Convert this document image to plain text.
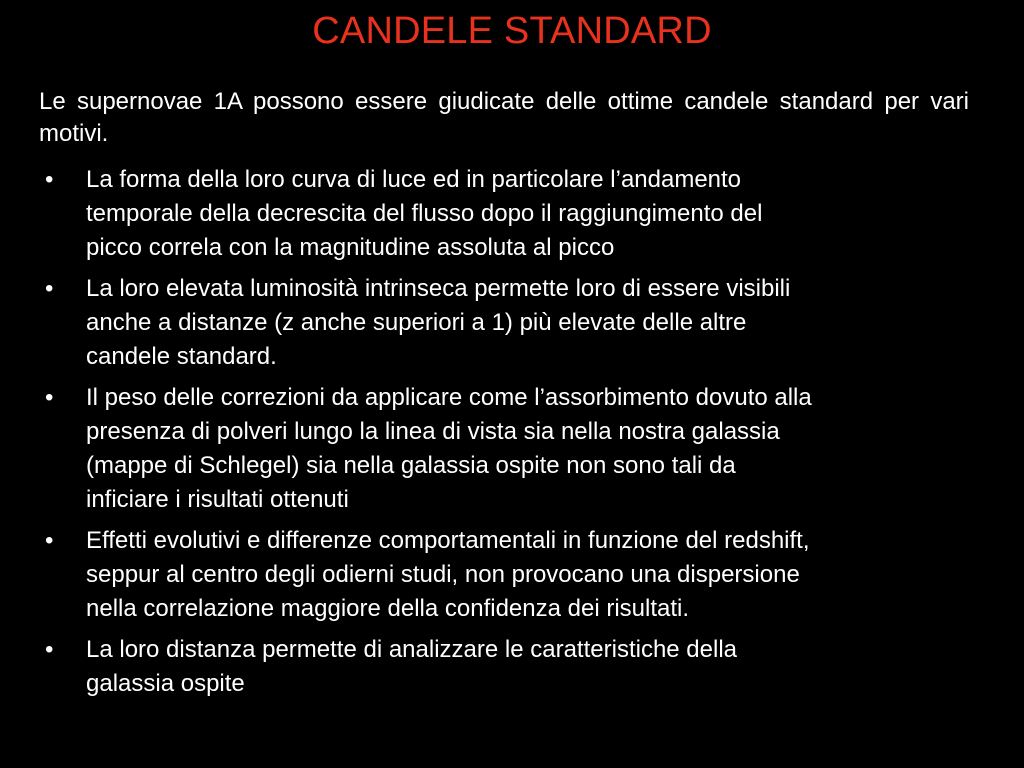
CANDELE STANDARD
Le supernovae 1A possono essere giudicate delle ottime candele standard per vari motivi.
•	La forma della loro curva di luce ed in particolare l’andamento
temporale della decrescita del flusso dopo il raggiungimento del
picco correla con la magnitudine assoluta al picco
•	La loro elevata luminosità intrinseca permette loro di essere visibili
anche a distanze (z anche superiori a 1) più elevate delle altre
candele standard.
•	Il peso delle correzioni da applicare come l’assorbimento dovuto alla
presenza di polveri lungo la linea di vista sia nella nostra galassia
(mappe di Schlegel) sia nella galassia ospite non sono tali da
inficiare i risultati ottenuti
•	Effetti evolutivi e differenze comportamentali in funzione del redshift,
seppur al centro degli odierni studi, non provocano una dispersione
nella correlazione maggiore della confidenza dei risultati.
•	La loro distanza permette di analizzare le caratteristiche della
galassia ospite
